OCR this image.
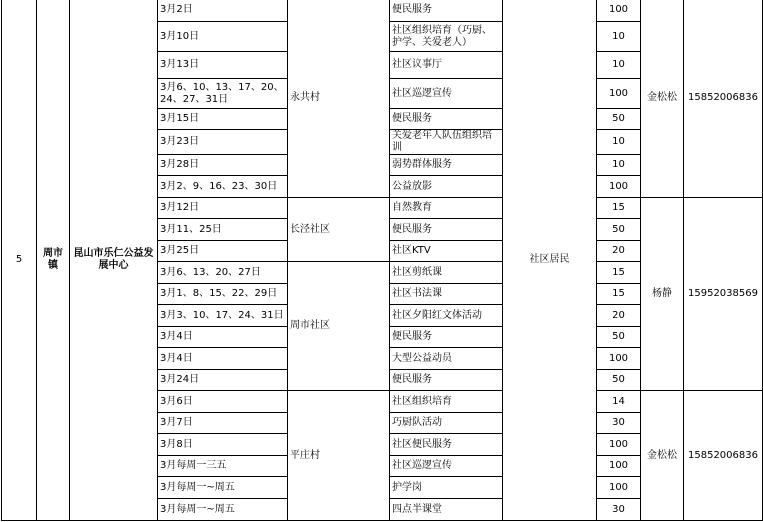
5	周市镇	昆山市乐仁公益发展中心	3月2日	永共村	便民服务	社区居民	100	金松松	15852006836
			3月10日		社区组织培育（巧厨、护学、关爱老人）		10		
			3月13日		社区议事厅		10		
			3月6、10、13、17、20、24、27、31日		社区巡逻宣传		100		
			3月15日		便民服务		50		
			3月23日		关爱老年人队伍组织培训		10		
			3月28日		弱势群体服务		10		
			3月2、9、16、23、30日		公益放影		100		
			3月12日	长泾社区	自然教育		15	杨静	15952038569
			3月11、25日		便民服务		50		
			3月25日		社区KTV		20		
			3月6、13、20、27日	周市社区	社区剪纸课		15		
			3月1、8、15、22、29日		社区书法课		15		
			3月3、10、17、24、31日		社区夕阳红文体活动		20		
			3月4日		便民服务		50		
			3月4日		大型公益动员		100		
			3月24日		便民服务		50		
			3月6日	平庄村	社区组织培育		14	金松松	15852006836
			3月7日		巧厨队活动		30		
			3月8日		社区便民服务		100		
			3月每周一三五		社区巡逻宣传		100		
			3月每周一~周五		护学岗		100		
			3月每周一~周五		四点半课堂		30		
